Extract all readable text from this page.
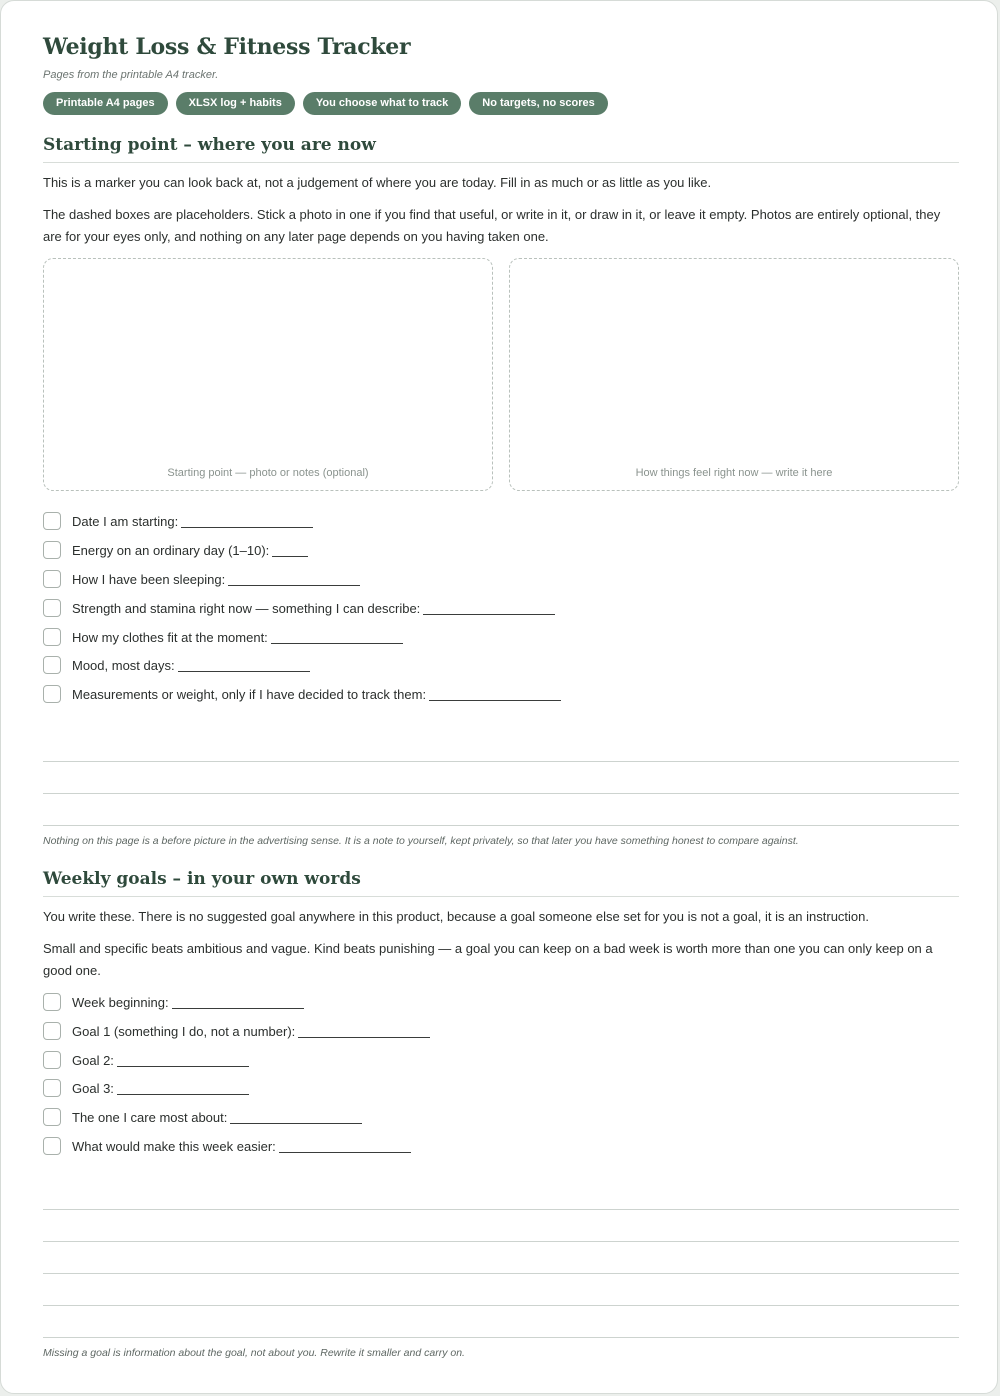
Weight Loss & Fitness Tracker
Pages from the printable A4 tracker.
Printable A4 pages	XLSX log + habits	You choose what to track	No targets, no scores
Starting point – where you are now

This is a marker you can look back at, not a judgement of where you are today. Fill in as much or as little as you like.

The dashed boxes are placeholders. Stick a photo in one if you find that useful, or write in it, or draw in it, or leave it empty. Photos are entirely optional, they are for your eyes only, and nothing on any later page depends on you having taken one.

Starting point — photo or notes (optional)	How things feel right now — write it here
Date I am starting:
Energy on an ordinary day (1–10):
How I have been sleeping:
Strength and stamina right now — something I can describe:
How my clothes fit at the moment:
Mood, most days:
Measurements or weight, only if I have decided to track them:
Nothing on this page is a before picture in the advertising sense. It is a note to yourself, kept privately, so that later you have something honest to compare against.
Weekly goals – in your own words

You write these. There is no suggested goal anywhere in this product, because a goal someone else set for you is not a goal, it is an instruction.

Small and specific beats ambitious and vague. Kind beats punishing — a goal you can keep on a bad week is worth more than one you can only keep on a good one.

Week beginning:
Goal 1 (something I do, not a number):
Goal 2:
Goal 3:
The one I care most about:
What would make this week easier:
Missing a goal is information about the goal, not about you. Rewrite it smaller and carry on.
